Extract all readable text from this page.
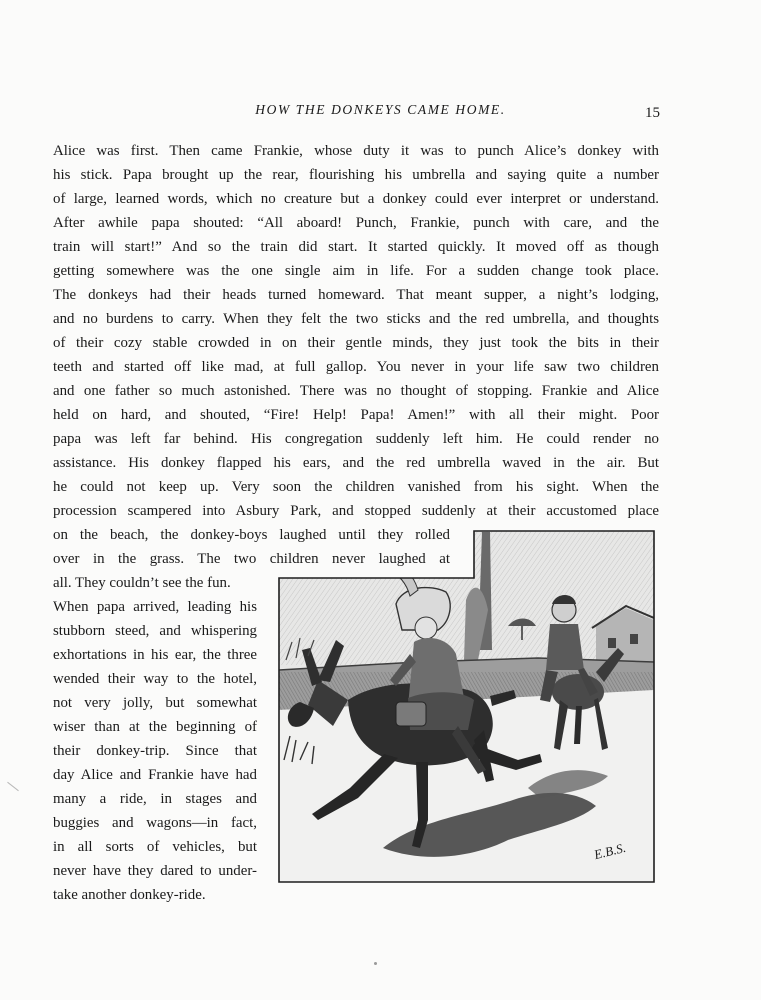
HOW THE DONKEYS CAME HOME.	15
Alice was first. Then came Frankie, whose duty it was to punch Alice’s donkey with
his stick. Papa brought up the rear, flourishing his umbrella and saying quite a number
of large, learned words, which no creature but a donkey could ever interpret or understand.
After awhile papa shouted: “All aboard! Punch, Frankie, punch with care, and the
train will start!” And so the train did start. It started quickly. It moved off as though
getting somewhere was the one single aim in life. For a sudden change took place.
The donkeys had their heads turned homeward. That meant supper, a night’s lodging,
and no burdens to carry. When they felt the two sticks and the red umbrella, and thoughts
of their cozy stable crowded in on their gentle minds, they just took the bits in their
teeth and started off like mad, at full gallop. You never in your life saw two children
and one father so much astonished. There was no thought of stopping. Frankie and Alice
held on hard, and shouted, “Fire! Help! Papa! Amen!” with all their might. Poor
papa was left far behind. His congregation suddenly left him. He could render no
assistance. His donkey flapped his ears, and the red umbrella waved in the air. But
he could not keep up. Very soon the children vanished from his sight. When the
procession scampered into Asbury Park, and stopped suddenly at their accustomed place
on the beach, the donkey-boys laughed until they rolled
over in the grass. The two children never laughed at
all. They couldn’t see the fun.
When papa arrived, leading his
stubborn steed, and whispering
exhortations in his ear, the three
wended their way to the hotel,
not very jolly, but somewhat
wiser than at the beginning of
their donkey-trip. Since that
day Alice and Frankie have had
many a ride, in stages and
buggies and wagons—in fact,
in all sorts of vehicles, but
never have they dared to under-
take another donkey-ride.
E.B.S.
